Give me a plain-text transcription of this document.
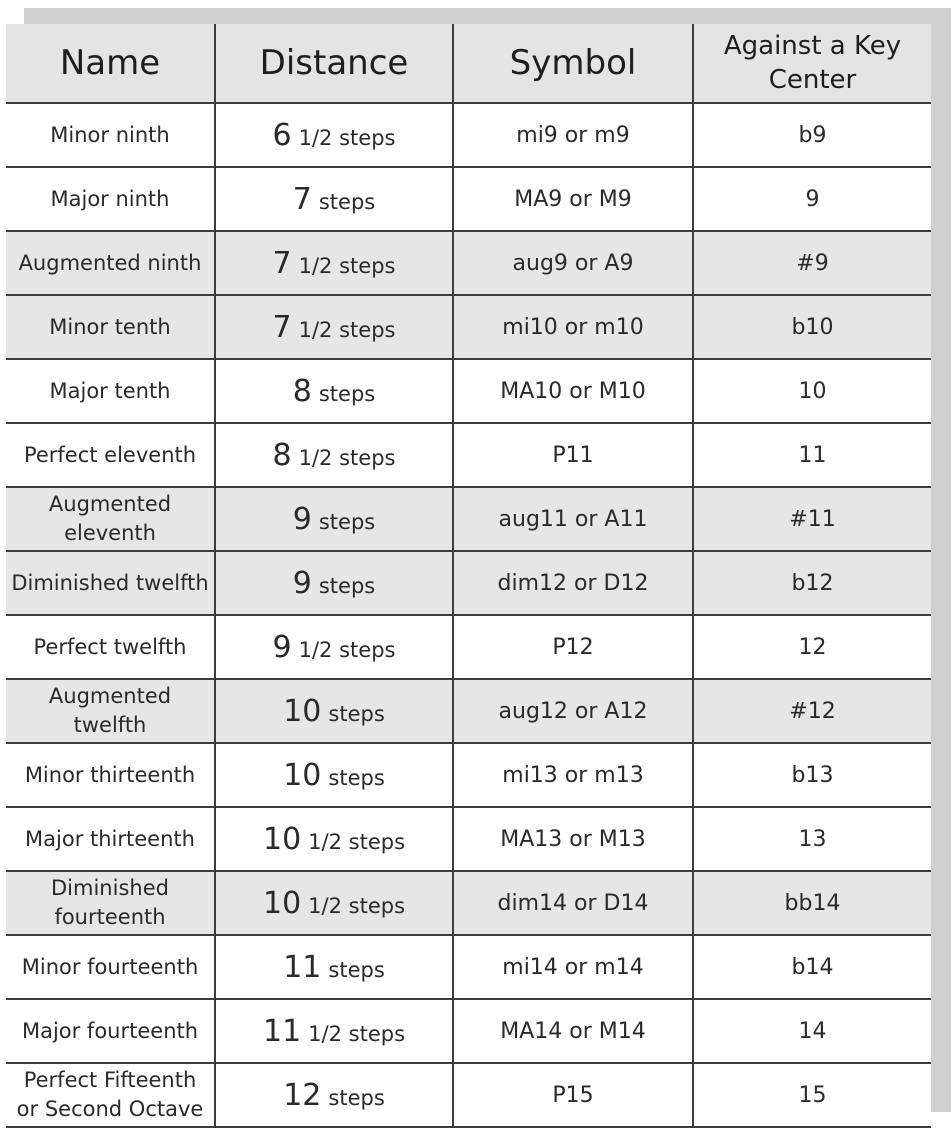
Name	Distance	Symbol	Against a Key Center
Minor ninth	6 1/2 steps	mi9 or m9	b9
Major ninth	7 steps	MA9 or M9	9
Augmented ninth	7 1/2 steps	aug9 or A9	#9
Minor tenth	7 1/2 steps	mi10 or m10	b10
Major tenth	8 steps	MA10 or M10	10
Perfect eleventh	8 1/2 steps	P11	11
Augmented eleventh	9 steps	aug11 or A11	#11
Diminished twelfth	9 steps	dim12 or D12	b12
Perfect twelfth	9 1/2 steps	P12	12
Augmented twelfth	10 steps	aug12 or A12	#12
Minor thirteenth	10 steps	mi13 or m13	b13
Major thirteenth	10 1/2 steps	MA13 or M13	13
Diminished fourteenth	10 1/2 steps	dim14 or D14	bb14
Minor fourteenth	11 steps	mi14 or m14	b14
Major fourteenth	11 1/2 steps	MA14 or M14	14
Perfect Fifteenth or Second Octave	12 steps	P15	15
